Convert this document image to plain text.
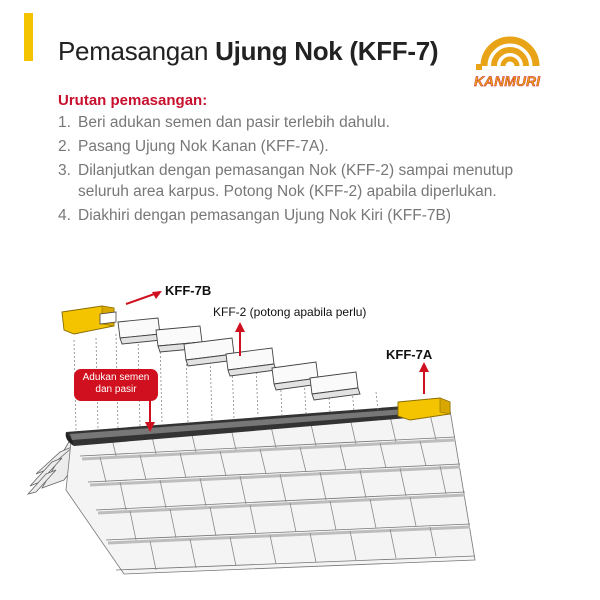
Pemasangan Ujung Nok (KFF-7)
KANMURI
Urutan pemasangan:
1. Beri adukan semen dan pasir terlebih dahulu.
2. Pasang Ujung Nok Kanan (KFF-7A).
3. Dilanjutkan dengan pemasangan Nok (KFF-2) sampai menutup seluruh area karpus. Potong Nok (KFF-2) apabila diperlukan.
4. Diakhiri dengan pemasangan Ujung Nok Kiri (KFF-7B)
KFF-7B
KFF-2 (potong apabila perlu)
KFF-7A
Adukan semen
dan pasir
